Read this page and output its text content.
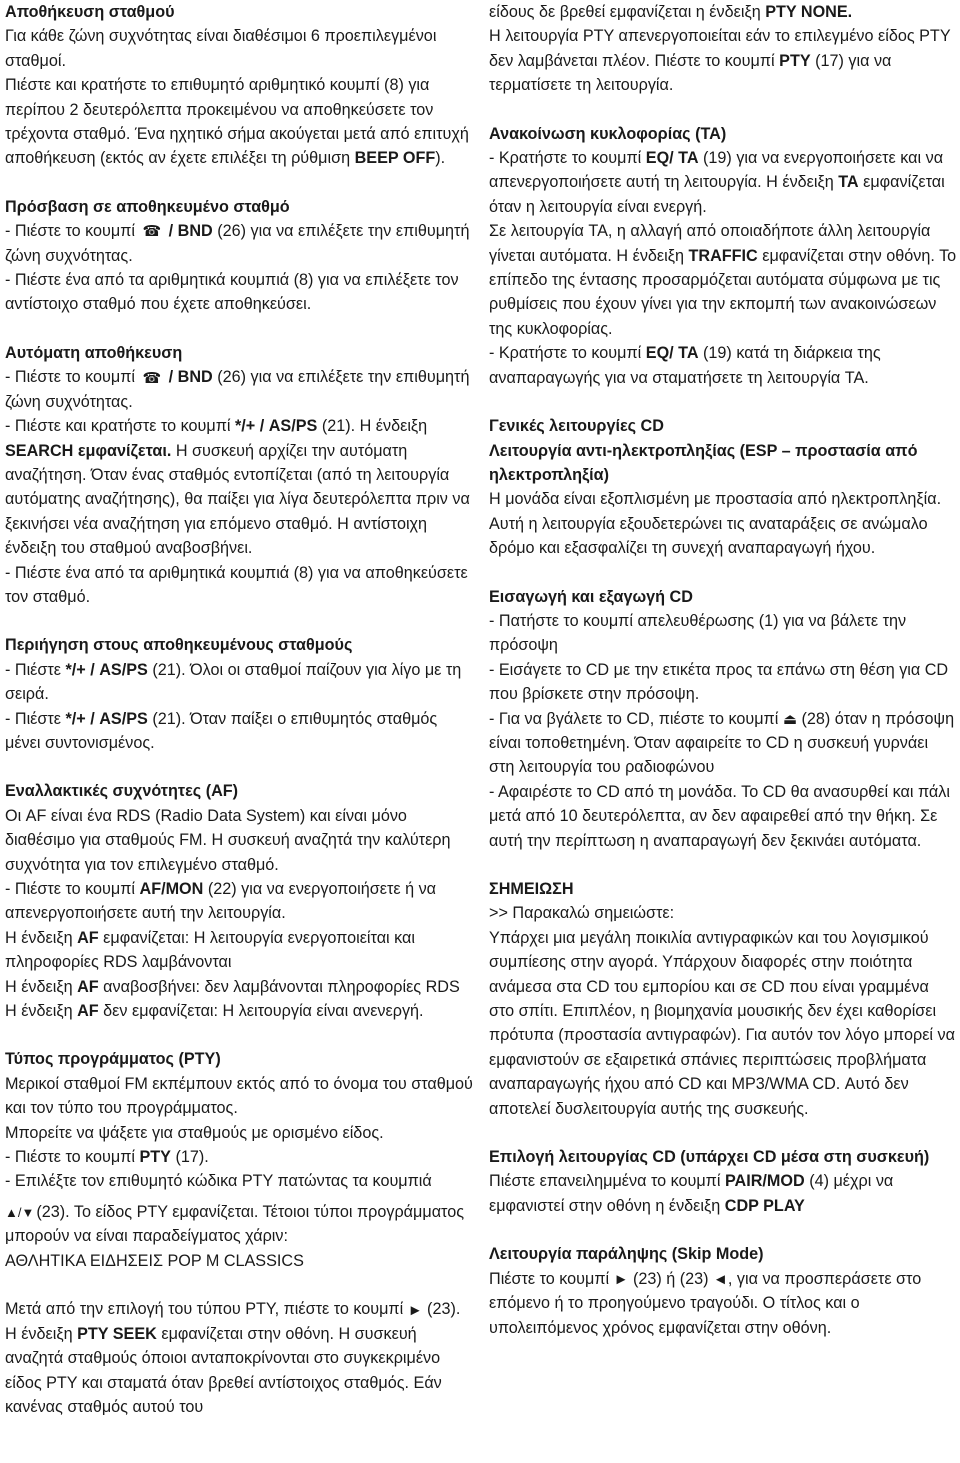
Αποθήκευση σταθμού

Για κάθε ζώνη συχνότητας είναι διαθέσιμοι 6 προεπιλεγμένοι σταθμοί.

Πιέστε και κρατήστε το επιθυμητό αριθμητικό κουμπί (8) για περίπου 2 δευτερόλεπτα προκειμένου να αποθηκεύσετε τον τρέχοντα σταθμό. Ένα ηχητικό σήμα ακούγεται μετά από επιτυχή αποθήκευση (εκτός αν έχετε επιλέξει τη ρύθμιση BEEP OFF).

Πρόσβαση σε αποθηκευμένο σταθμό

- Πιέστε το κουμπί ☎ / BND (26) για να επιλέξετε την επιθυμητή ζώνη συχνότητας.

- Πιέστε ένα από τα αριθμητικά κουμπιά (8) για να επιλέξετε τον αντίστοιχο σταθμό που έχετε αποθηκεύσει.

Αυτόματη αποθήκευση

- Πιέστε το κουμπί ☎ / BND (26) για να επιλέξετε την επιθυμητή ζώνη συχνότητας.

- Πιέστε και κρατήστε το κουμπί */+ / AS/PS (21). Η ένδειξη SEARCH εμφανίζεται. Η συσκευή αρχίζει την αυτόματη αναζήτηση. Όταν ένας σταθμός εντοπίζεται (από τη λειτουργία αυτόματης αναζήτησης), θα παίξει για λίγα δευτερόλεπτα πριν να ξεκινήσει νέα αναζήτηση για επόμενο σταθμό. Η αντίστοιχη ένδειξη του σταθμού αναβοσβήνει.

- Πιέστε ένα από τα αριθμητικά κουμπιά (8) για να αποθηκεύσετε τον σταθμό.

Περιήγηση στους αποθηκευμένους σταθμούς

- Πιέστε */+ / AS/PS (21). Όλοι οι σταθμοί παίζουν για λίγο με τη σειρά.

- Πιέστε */+ / AS/PS (21). Όταν παίξει ο επιθυμητός σταθμός μένει συντονισμένος.

Εναλλακτικές συχνότητες (AF)

Οι AF είναι ένα RDS (Radio Data System) και είναι μόνο διαθέσιμο για σταθμούς FM. Η συσκευή αναζητά την καλύτερη συχνότητα για τον επιλεγμένο σταθμό.

- Πιέστε το κουμπί AF/MON (22) για να ενεργοποιήσετε ή να απενεργοποιήσετε αυτή την λειτουργία.

Η ένδειξη AF εμφανίζεται: Η λειτουργία ενεργοποιείται και πληροφορίες RDS λαμβάνονται

Η ένδειξη AF αναβοσβήνει: δεν λαμβάνονται πληροφορίες RDS

Η ένδειξη AF δεν εμφανίζεται: Η λειτουργία είναι ανενεργή.

Τύπος προγράμματος (PTY)

Μερικοί σταθμοί FM εκπέμπουν εκτός από το όνομα του σταθμού και τον τύπο του προγράμματος.

Μπορείτε να ψάξετε για σταθμούς με ορισμένο είδος.

- Πιέστε το κουμπί PTY (17).

- Επιλέξτε τον επιθυμητό κώδικα PTY πατώντας τα κουμπιά

▲/▼ (23). Το είδος PTY εμφανίζεται. Τέτοιοι τύποι προγράμματος μπορούν να είναι παραδείγματος χάριν:

ΑΘΛΗΤΙΚΑ ΕΙΔΗΣΕΙΣ POP M CLASSICS

Μετά από την επιλογή του τύπου PTY, πιέστε το κουμπί ► (23). Η ένδειξη PTY SEEK εμφανίζεται στην οθόνη. Η συσκευή αναζητά σταθμούς όποιοι ανταποκρίνονται στο συγκεκριμένο είδος PTY και σταματά όταν βρεθεί αντίστοιχος σταθμός. Εάν κανένας σταθμός αυτού του

είδους δε βρεθεί εμφανίζεται η ένδειξη PTY NONE.

Η λειτουργία PTY απενεργοποιείται εάν το επιλεγμένο είδος PTY δεν λαμβάνεται πλέον. Πιέστε το κουμπί PTY (17) για να τερματίσετε τη λειτουργία.

Ανακοίνωση κυκλοφορίας (TA)

- Κρατήστε το κουμπί EQ/ TA (19) για να ενεργοποιήσετε και να απενεργοποιήσετε αυτή τη λειτουργία. Η ένδειξη TA εμφανίζεται όταν η λειτουργία είναι ενεργή.

Σε λειτουργία TA, η αλλαγή από οποιαδήποτε άλλη λειτουργία γίνεται αυτόματα. Η ένδειξη TRAFFIC εμφανίζεται στην οθόνη. Το επίπεδο της έντασης προσαρμόζεται αυτόματα σύμφωνα με τις ρυθμίσεις που έχουν γίνει για την εκπομπή των ανακοινώσεων της κυκλοφορίας.

- Κρατήστε το κουμπί EQ/ TA (19) κατά τη διάρκεια της αναπαραγωγής για να σταματήσετε τη λειτουργία TA.

Γενικές λειτουργίες CD

Λειτουργία αντι-ηλεκτροπληξίας (ESP – προστασία από ηλεκτροπληξία)

Η μονάδα είναι εξοπλισμένη με προστασία από ηλεκτροπληξία. Αυτή η λειτουργία εξουδετερώνει τις αναταράξεις σε ανώμαλο δρόμο και εξασφαλίζει τη συνεχή αναπαραγωγή ήχου.

Εισαγωγή και εξαγωγή CD

- Πατήστε το κουμπί απελευθέρωσης (1) για να βάλετε την πρόσοψη

- Εισάγετε το CD με την ετικέτα προς τα επάνω στη θέση για CD που βρίσκετε στην πρόσοψη.

- Για να βγάλετε το CD, πιέστε το κουμπί ⏏ (28) όταν η πρόσοψη είναι τοποθετημένη. Όταν αφαιρείτε το CD η συσκευή γυρνάει στη λειτουργία του ραδιοφώνου

- Αφαιρέστε το CD από τη μονάδα. Το CD θα ανασυρθεί και πάλι μετά από 10 δευτερόλεπτα, αν δεν αφαιρεθεί από την θήκη. Σε αυτή την περίπτωση η αναπαραγωγή δεν ξεκινάει αυτόματα.

ΣΗΜΕΙΩΣΗ

>> Παρακαλώ σημειώστε:

Υπάρχει μια μεγάλη ποικιλία αντιγραφικών και του λογισμικού συμπίεσης στην αγορά. Υπάρχουν διαφορές στην ποιότητα ανάμεσα στα CD του εμπορίου και σε CD που είναι γραμμένα στο σπίτι. Επιπλέον, η βιομηχανία μουσικής δεν έχει καθορίσει πρότυπα (προστασία αντιγραφών). Για αυτόν τον λόγο μπορεί να εμφανιστούν σε εξαιρετικά σπάνιες περιπτώσεις προβλήματα αναπαραγωγής ήχου από CD και MP3/WMA CD. Αυτό δεν αποτελεί δυσλειτουργία αυτής της συσκευής.

Επιλογή λειτουργίας CD (υπάρχει CD μέσα στη συσκευή)

Πιέστε επανειλημμένα το κουμπί PAIR/MOD (4) μέχρι να εμφανιστεί στην οθόνη η ένδειξη CDP PLAY

Λειτουργία παράληψης (Skip Mode)

Πιέστε το κουμπί ► (23) ή (23) ◄, για να προσπεράσετε στο επόμενο ή το προηγούμενο τραγούδι. Ο τίτλος και ο υπολειπόμενος χρόνος εμφανίζεται στην οθόνη.
